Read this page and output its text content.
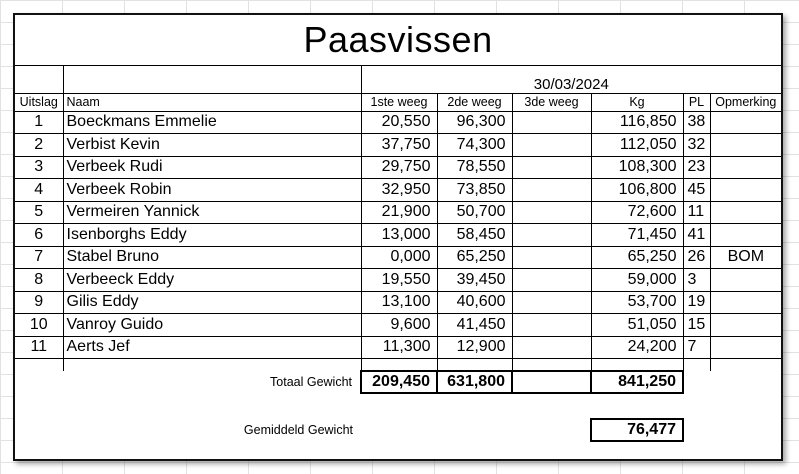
Paasvissen							
		30/03/2024					
Uitslag	Naam	1ste weeg	2de weeg	3de weeg	Kg	PL	Opmerking
1	Boeckmans Emmelie	20,550	96,300		116,850	38	
2	Verbist Kevin	37,750	74,300		112,050	32	
3	Verbeek Rudi	29,750	78,550		108,300	23	
4	Verbeek Robin	32,950	73,850		106,800	45	
5	Vermeiren Yannick	21,900	50,700		72,600	11	
6	Isenborghs Eddy	13,000	58,450		71,450	41	
7	Stabel Bruno	0,000	65,250		65,250	26	BOM
8	Verbeeck Eddy	19,550	39,450		59,000	3	
9	Gilis Eddy	13,100	40,600		53,700	19	
10	Vanroy Guido	9,600	41,450		51,050	15	
11	Aerts Jef	11,300	12,900		24,200	7	

Totaal Gewicht		209,450	631,800		841,250		

Gemiddeld Gewicht					76,477		
